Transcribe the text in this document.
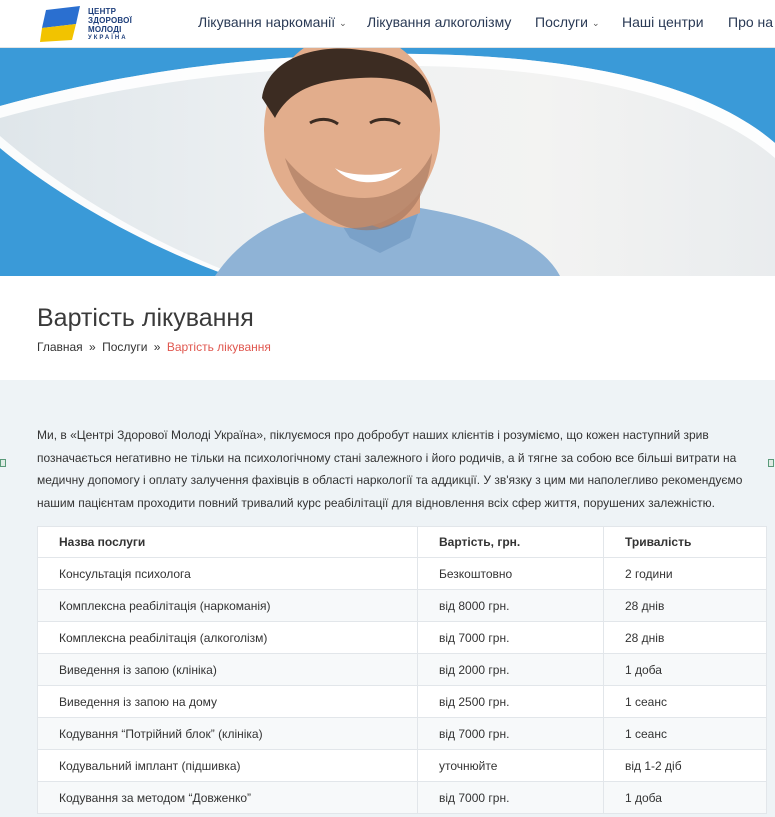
ЦЕНТР
ЗДОРОВОЇ
МОЛОДІ
УКРАЇНА
Лікування наркоманії ⌄ Лікування алкоголізму Послуги ⌄ Наші центри Про на
Вартість лікування
Главная » Послуги » Вартість лікування

Ми, в «Центрі Здорової Молоді Україна», піклуємося про добробут наших клієнтів і розуміємо, що кожен наступний зрив позначається негативно не тільки на психологічному стані залежного і його родичів, а й тягне за собою все більші витрати на медичну допомогу і оплату залучення фахівців в області наркології та аддикції. У зв'язку з цим ми наполегливо рекомендуємо нашим пацієнтам проходити повний тривалий курс реабілітації для відновлення всіх сфер життя, порушених залежністю.

Назва послуги	Вартість, грн.	Тривалість
Консультація психолога	Безкоштовно	2 години
Комплексна реабілітація (наркоманія)	від 8000 грн.	28 днів
Комплексна реабілітація (алкоголізм)	від 7000 грн.	28 днів
Виведення із запою (клініка)	від 2000 грн.	1 доба
Виведення із запою на дому	від 2500 грн.	1 сеанс
Кодування “Потрійний блок” (клініка)	від 7000 грн.	1 сеанс
Кодувальний імплант (підшивка)	уточнюйте	від 1-2 діб
Кодування за методом “Довженко”	від 7000 грн.	1 доба
